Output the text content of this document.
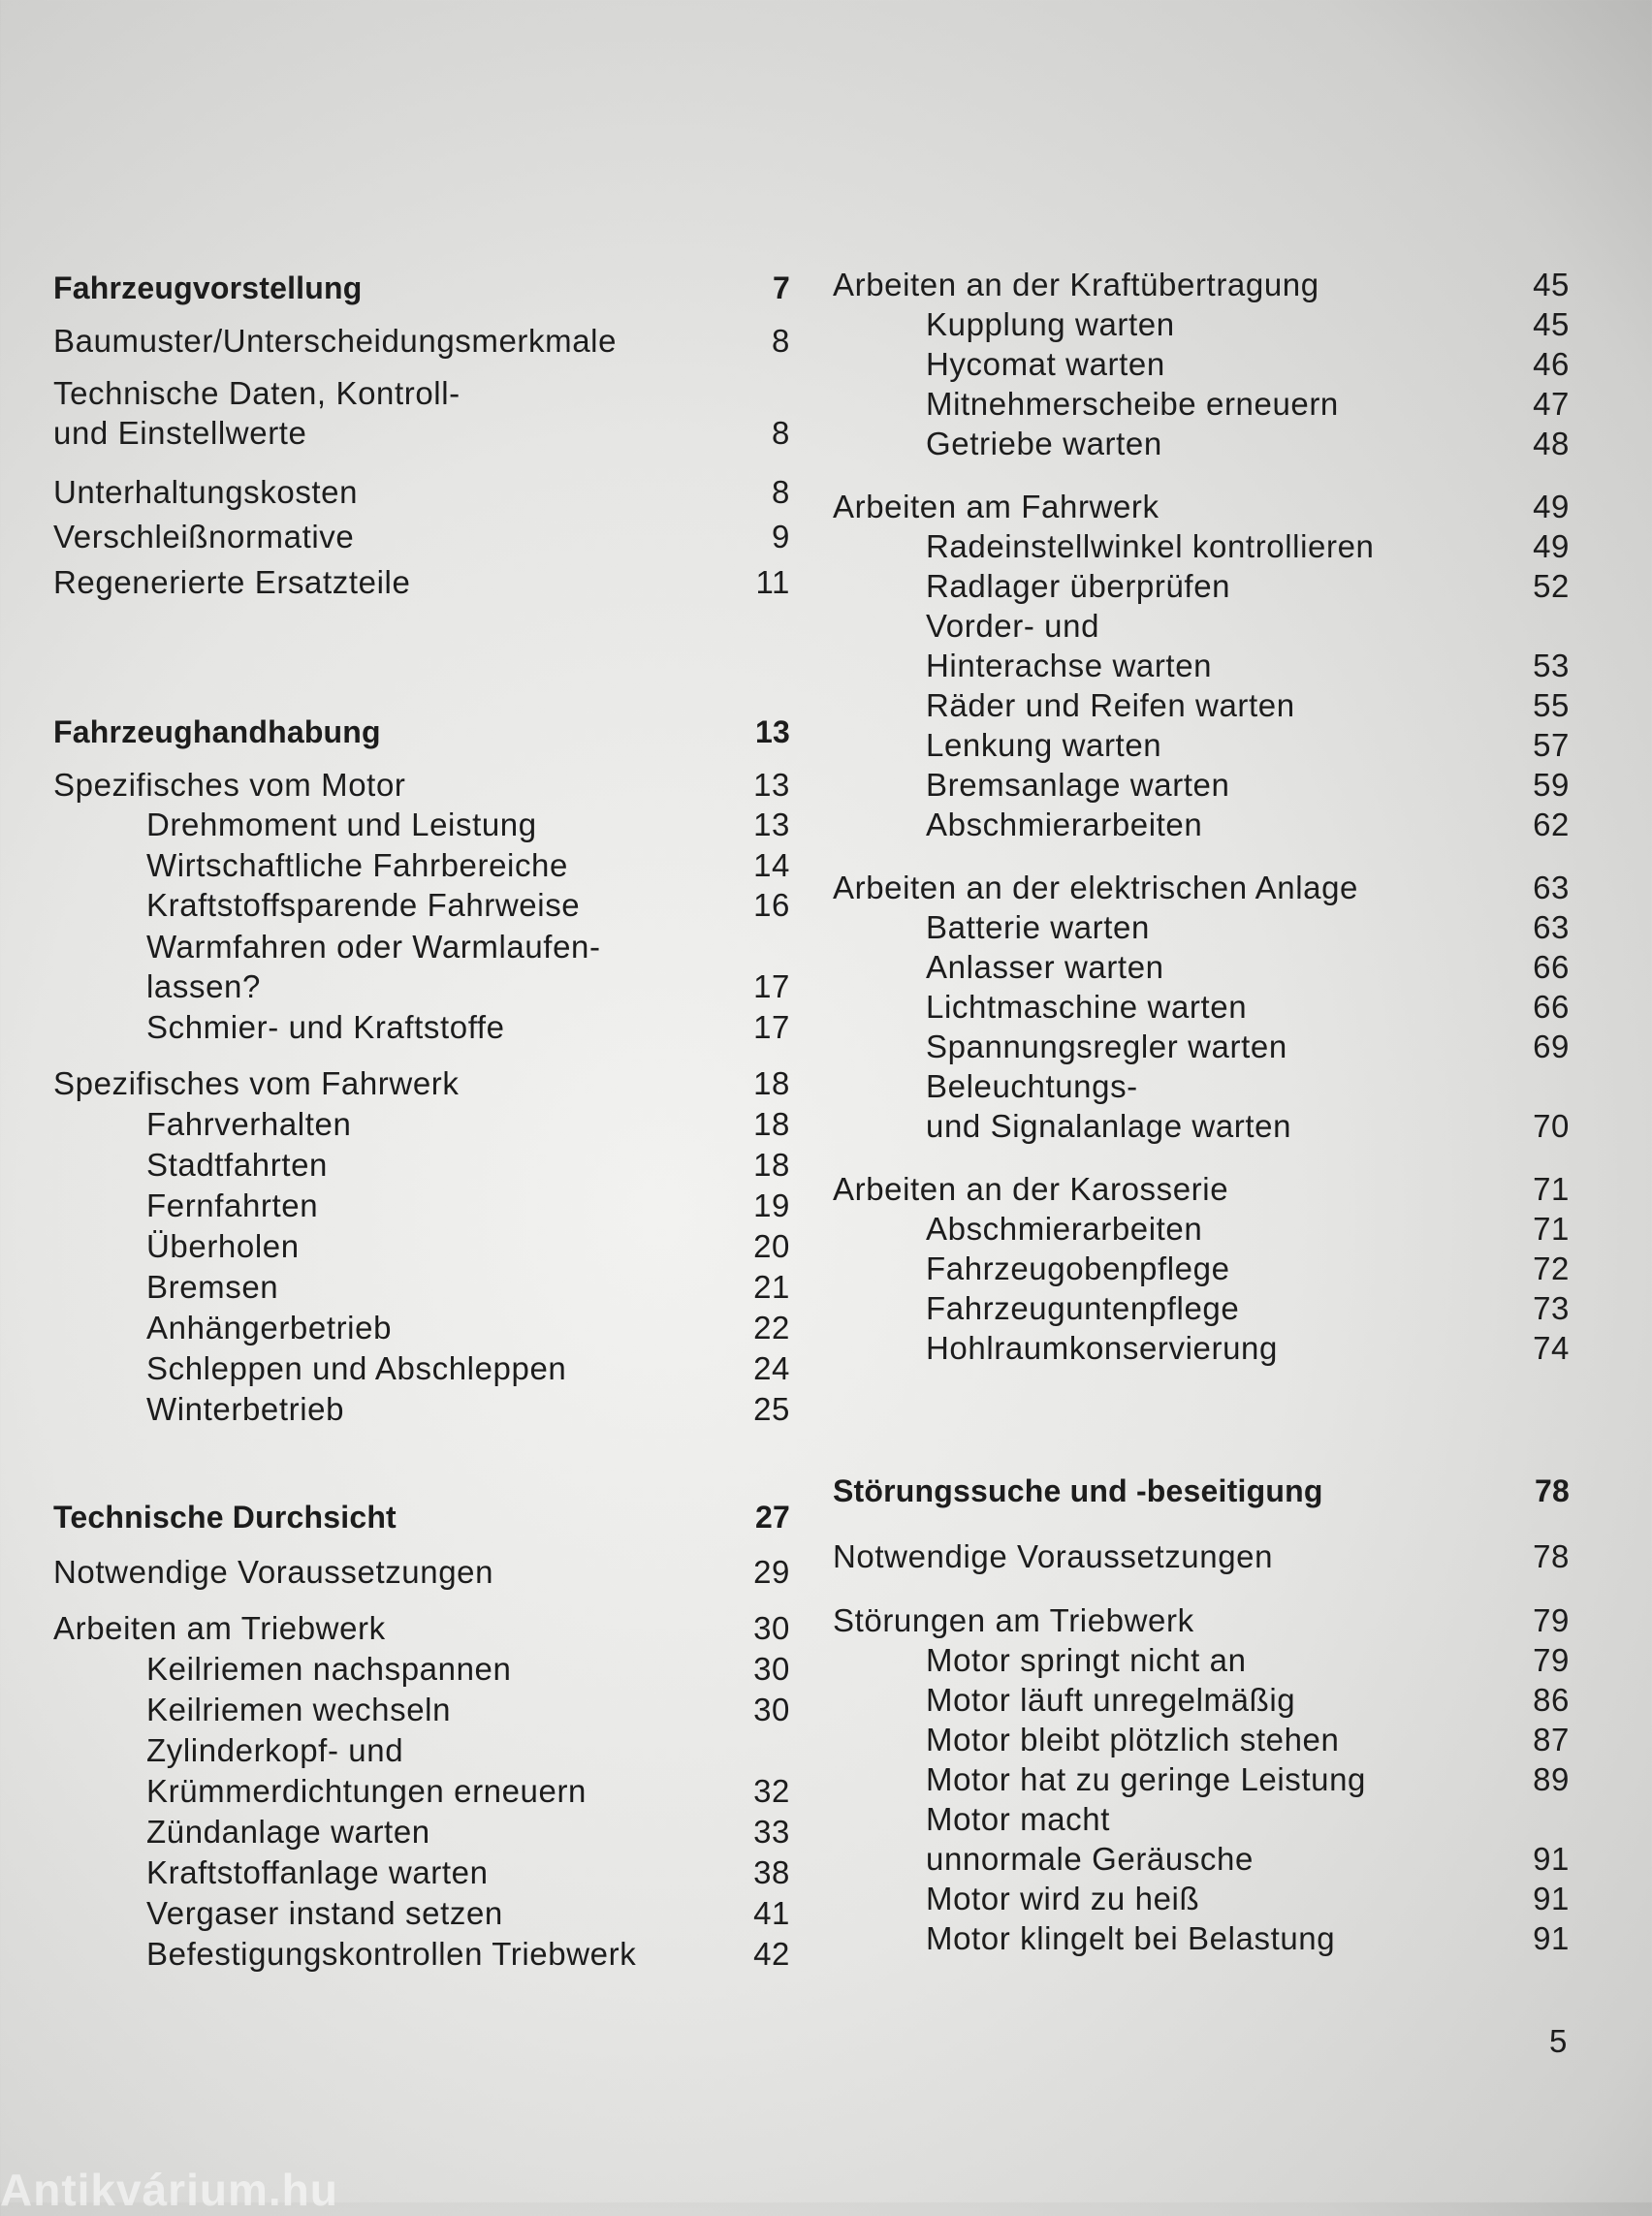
Fahrzeugvorstellung	7
Baumuster/Unterscheidungsmerkmale	8
Technische Daten, Kontroll-
und Einstellwerte	8
Unterhaltungskosten	8
Verschleißnormative	9
Regenerierte Ersatzteile	11
Fahrzeughandhabung	13
Spezifisches vom Motor	13
Drehmoment und Leistung	13
Wirtschaftliche Fahrbereiche	14
Kraftstoffsparende Fahrweise	16
Warmfahren oder Warmlaufen-
lassen?	17
Schmier- und Kraftstoffe	17
Spezifisches vom Fahrwerk	18
Fahrverhalten	18
Stadtfahrten	18
Fernfahrten	19
Überholen	20
Bremsen	21
Anhängerbetrieb	22
Schleppen und Abschleppen	24
Winterbetrieb	25
Technische Durchsicht	27
Notwendige Voraussetzungen	29
Arbeiten am Triebwerk	30
Keilriemen nachspannen	30
Keilriemen wechseln	30
Zylinderkopf- und
Krümmerdichtungen erneuern	32
Zündanlage warten	33
Kraftstoffanlage warten	38
Vergaser instand setzen	41
Befestigungskontrollen Triebwerk	42
Arbeiten an der Kraftübertragung	45
Kupplung warten	45
Hycomat warten	46
Mitnehmerscheibe erneuern	47
Getriebe warten	48
Arbeiten am Fahrwerk	49
Radeinstellwinkel kontrollieren	49
Radlager überprüfen	52
Vorder- und
Hinterachse warten	53
Räder und Reifen warten	55
Lenkung warten	57
Bremsanlage warten	59
Abschmierarbeiten	62
Arbeiten an der elektrischen Anlage	63
Batterie warten	63
Anlasser warten	66
Lichtmaschine warten	66
Spannungsregler warten	69
Beleuchtungs-
und Signalanlage warten	70
Arbeiten an der Karosserie	71
Abschmierarbeiten	71
Fahrzeugobenpflege	72
Fahrzeuguntenpflege	73
Hohlraumkonservierung	74
Störungssuche und -beseitigung	78
Notwendige Voraussetzungen	78
Störungen am Triebwerk	79
Motor springt nicht an	79
Motor läuft unregelmäßig	86
Motor bleibt plötzlich stehen	87
Motor hat zu geringe Leistung	89
Motor macht
unnormale Geräusche	91
Motor wird zu heiß	91
Motor klingelt bei Belastung	91
5
Antikvárium.hu
